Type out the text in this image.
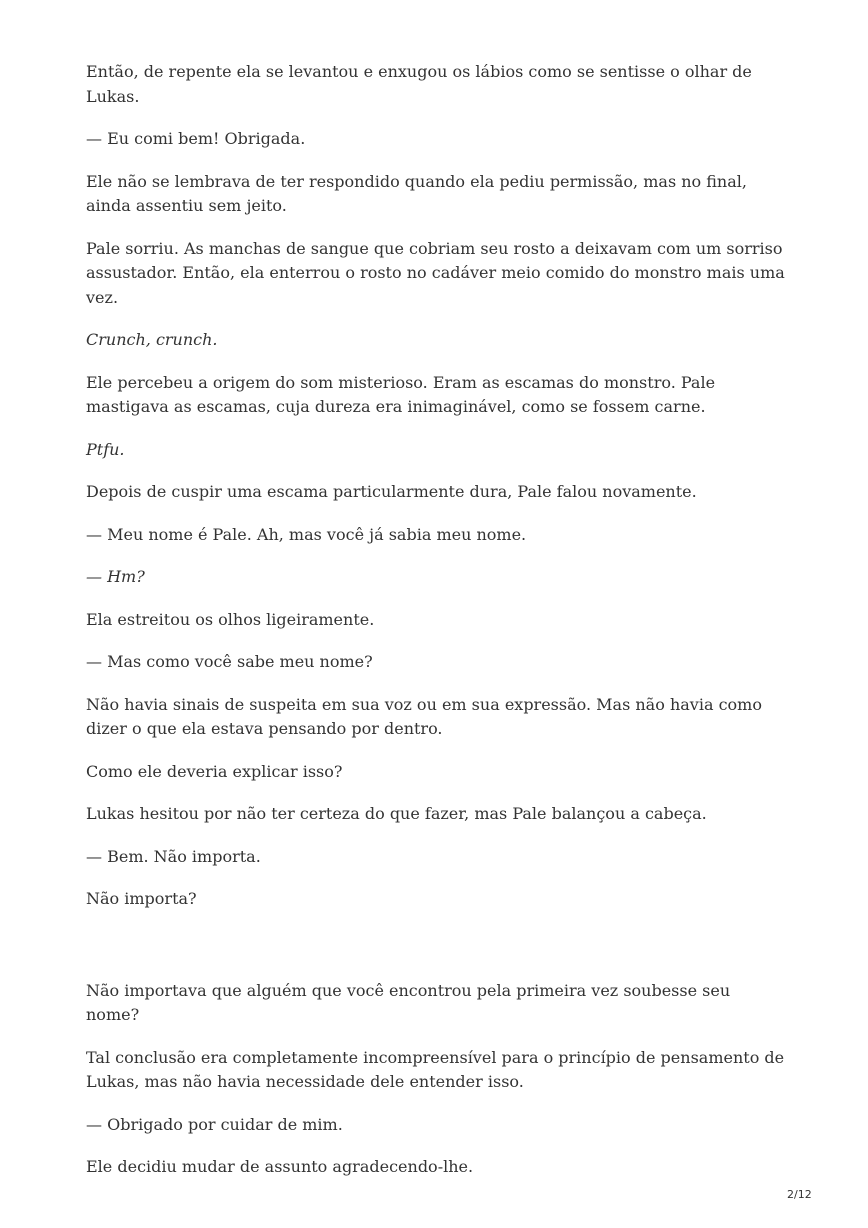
Então, de repente ela se levantou e enxugou os lábios como se sentisse o olhar de Lukas.

— Eu comi bem! Obrigada.

Ele não se lembrava de ter respondido quando ela pediu permissão, mas no final, ainda assentiu sem jeito.

Pale sorriu. As manchas de sangue que cobriam seu rosto a deixavam com um sorriso assustador. Então, ela enterrou o rosto no cadáver meio comido do monstro mais uma vez.

Crunch, crunch.

Ele percebeu a origem do som misterioso. Eram as escamas do monstro. Pale mastigava as escamas, cuja dureza era inimaginável, como se fossem carne.

Ptfu.

Depois de cuspir uma escama particularmente dura, Pale falou novamente.

— Meu nome é Pale. Ah, mas você já sabia meu nome.

— Hm?

Ela estreitou os olhos ligeiramente.

— Mas como você sabe meu nome?

Não havia sinais de suspeita em sua voz ou em sua expressão. Mas não havia como dizer o que ela estava pensando por dentro.

Como ele deveria explicar isso?

Lukas hesitou por não ter certeza do que fazer, mas Pale balançou a cabeça.

— Bem. Não importa.

Não importa?

Não importava que alguém que você encontrou pela primeira vez soubesse seu nome?

Tal conclusão era completamente incompreensível para o princípio de pensamento de Lukas, mas não havia necessidade dele entender isso.

— Obrigado por cuidar de mim.

Ele decidiu mudar de assunto agradecendo-lhe.

2/12
